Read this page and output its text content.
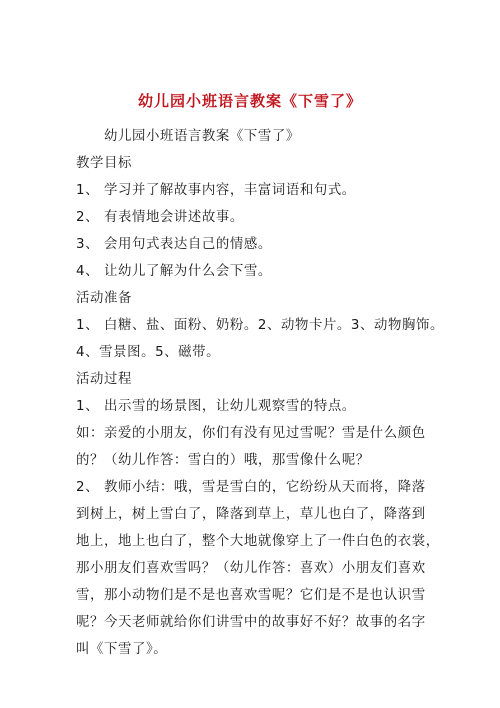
幼儿园小班语言教案《下雪了》
幼儿园小班语言教案《下雪了》
教学目标
1、 学习并了解故事内容，丰富词语和句式。
2、 有表情地会讲述故事。
3、 会用句式表达自己的情感。
4、 让幼儿了解为什么会下雪。
活动准备
1、 白糖、盐、面粉、奶粉。2、动物卡片。3、动物胸饰。
4、雪景图。5、磁带。
活动过程
1、 出示雪的场景图，让幼儿观察雪的特点。
如：亲爱的小朋友，你们有没有见过雪呢？雪是什么颜色
的？（幼儿作答：雪白的）哦，那雪像什么呢？
2、 教师小结：哦，雪是雪白的，它纷纷从天而将，降落
到树上，树上雪白了，降落到草上，草儿也白了，降落到
地上，地上也白了，整个大地就像穿上了一件白色的衣裳，
那小朋友们喜欢雪吗？（幼儿作答：喜欢）小朋友们喜欢
雪，那小动物们是不是也喜欢雪呢？它们是不是也认识雪
呢？今天老师就给你们讲雪中的故事好不好？故事的名字
叫《下雪了》。
